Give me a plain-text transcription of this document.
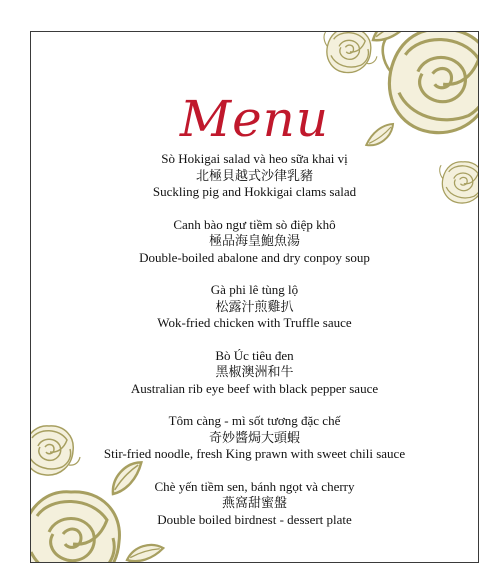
Menu
Sò Hokigai salad và heo sữa khai vị
北極貝越式沙律乳豬
Suckling pig and Hokkigai clams salad
Canh bào ngư tiềm sò điệp khô
極品海皇鮑魚湯
Double-boiled abalone and dry conpoy soup
Gà phi lê tùng lộ
松露汁煎雞扒
Wok-fried chicken with Truffle sauce
Bò Úc tiêu đen
黑椒澳洲和牛
Australian rib eye beef with black pepper sauce
Tôm càng - mì sốt tương đặc chế
奇妙醬焗大頭蝦
Stir-fried noodle, fresh King prawn with sweet chili sauce
Chè yến tiềm sen, bánh ngọt và cherry
燕窩甜蜜盤
Double boiled birdnest - dessert plate
